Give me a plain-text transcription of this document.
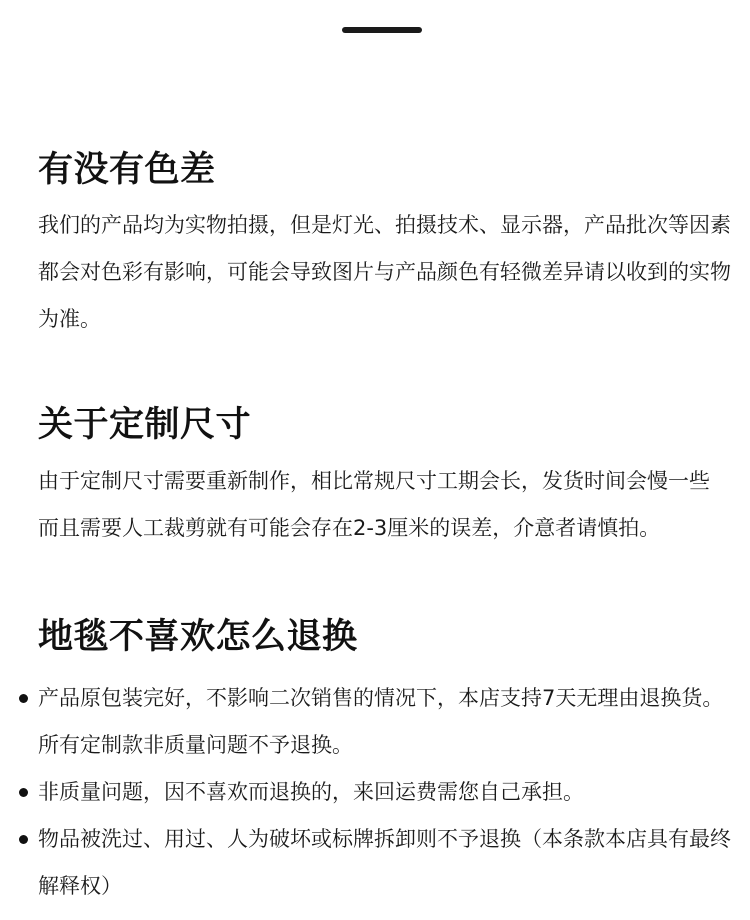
有没有色差
我们的产品均为实物拍摄，但是灯光、拍摄技术、显示器，产品批次等因素
都会对色彩有影响，可能会导致图片与产品颜色有轻微差异请以收到的实物
为准。
关于定制尺寸
由于定制尺寸需要重新制作，相比常规尺寸工期会长，发货时间会慢一些
而且需要人工裁剪就有可能会存在2-3厘米的误差，介意者请慎拍。
地毯不喜欢怎么退换
产品原包装完好，不影响二次销售的情况下，本店支持7天无理由退换货。
所有定制款非质量问题不予退换。
非质量问题，因不喜欢而退换的，来回运费需您自己承担。
物品被洗过、用过、人为破坏或标牌拆卸则不予退换（本条款本店具有最终
解释权）
